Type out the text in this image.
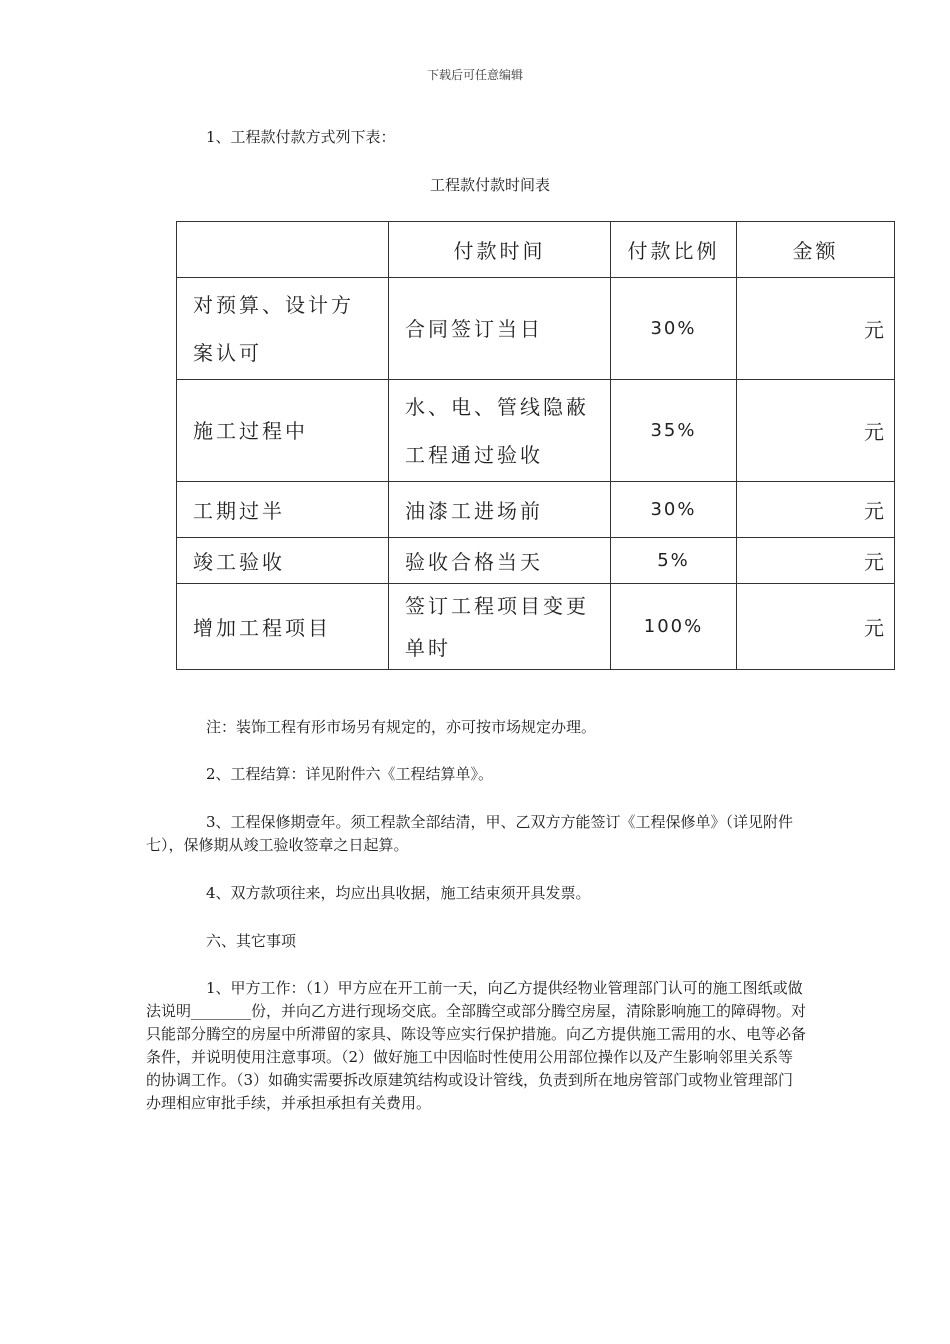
下载后可任意编辑

1、工程款付款方式列下表：

工程款付款时间表
	付款时间	付款比例	金额
对预算、设计方案认可	合同签订当日	30%	元
施工过程中	水、电、管线隐蔽工程通过验收	35%	元
工期过半	油漆工进场前	30%	元
竣工验收	验收合格当天	5%	元
增加工程项目	签订工程项目变更单时	100%	元

注：装饰工程有形市场另有规定的，亦可按市场规定办理。

2、工程结算：详见附件六《工程结算单》。

3、工程保修期壹年。须工程款全部结清，甲、乙双方方能签订《工程保修单》（详见附件七），保修期从竣工验收签章之日起算。

4、双方款项往来，均应出具收据，施工结束须开具发票。

六、其它事项

1、甲方工作：（1）甲方应在开工前一天，向乙方提供经物业管理部门认可的施工图纸或做法说明________份，并向乙方进行现场交底。全部腾空或部分腾空房屋，清除影响施工的障碍物。对只能部分腾空的房屋中所滞留的家具、陈设等应实行保护措施。向乙方提供施工需用的水、电等必备条件，并说明使用注意事项。（2）做好施工中因临时性使用公用部位操作以及产生影响邻里关系等的协调工作。（3）如确实需要拆改原建筑结构或设计管线，负责到所在地房管部门或物业管理部门办理相应审批手续，并承担承担有关费用。
